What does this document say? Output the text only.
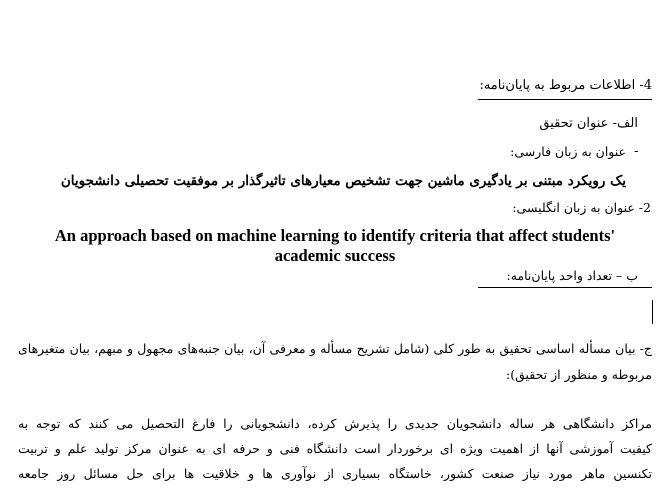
4- اطلاعات مربوط به پایان‌نامه:
الف- عنوان تحقیق
-
عنوان به زبان فارسی:
یک رویکرد مبتنی بر یادگیری ماشین جهت تشخیص معیارهای تاثیرگذار بر موفقیت تحصیلی دانشجویان
2- عنوان به زبان انگلیسی:
An approach based on machine learning to identify criteria that affect students' academic success
ب – تعداد واحد پایان‌نامه:
ج- بیان مسأله اساسی تحقیق به طور کلی (شامل تشریح مسأله و معرفی آن، بیان جنبه‌های مجهول و مبهم، بیان متغیرهای مربوطه و منظور از تحقیق):
مراکز دانشگاهی هر ساله دانشجویان جدیدی را پذیرش کرده، دانشجویانی را فارغ التحصیل می کنند که توجه به
کیفیت آموزشی آنها از اهمیت ویژه ای برخوردار است دانشگاه فنی و حرفه ای به عنوان مرکز تولید علم و تربیت
تکنسین ماهر مورد نیاز صنعت کشور، خاستگاه بسیاری از نوآوری ها و خلاقیت ها برای حل مسائل روز جامعه
